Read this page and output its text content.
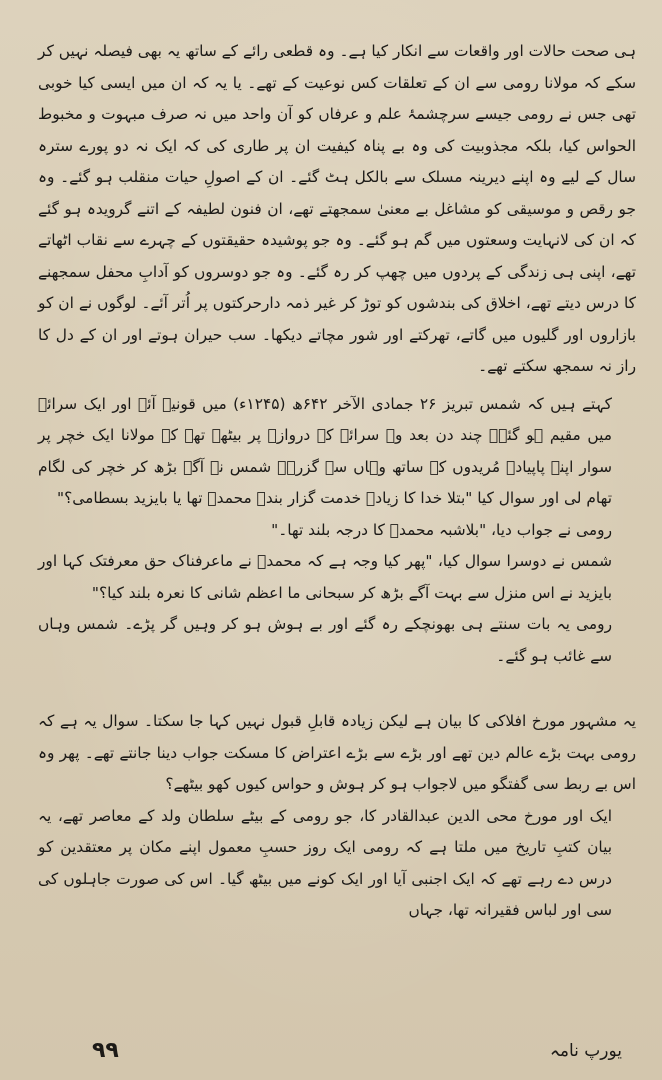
ہی صحت حالات اور واقعات سے انکار کیا ہے۔ وہ قطعی رائے کے ساتھ یہ بھی فیصلہ نہیں کر سکے کہ مولانا رومی سے ان کے تعلقات کس نوعیت کے تھے۔ یا یہ کہ ان میں ایسی کیا خوبی تھی جس نے رومی جیسے سرچشمۂ علم و عرفاں کو آن واحد میں نہ صرف مبہوت و مخبوط الحواس کیا، بلکہ مجذوبیت کی وہ بے پناہ کیفیت ان پر طاری کی کہ ایک نہ دو پورے سترہ سال کے لیے وہ اپنے دیرینہ مسلک سے بالکل ہٹ گئے۔ ان کے اصولِ حیات منقلب ہو گئے۔ وہ جو رقص و موسیقی کو مشاغل بے معنیٰ سمجھتے تھے، ان فنون لطیفہ کے اتنے گرویدہ ہو گئے کہ ان کی لانہایت وسعتوں میں گم ہو گئے۔ وہ جو پوشیدہ حقیقتوں کے چہرے سے نقاب اٹھاتے تھے، اپنی ہی زندگی کے پردوں میں چھپ کر رہ گئے۔ وہ جو دوسروں کو آدابِ محفل سمجھنے کا درس دیتے تھے، اخلاق کی بندشوں کو توڑ کر غیر ذمہ دارحرکتوں پر اُتر آئے۔ لوگوں نے ان کو بازاروں اور گلیوں میں گاتے، تھرکتے اور شور مچاتے دیکھا۔ سب حیران ہوتے اور ان کے دل کا راز نہ سمجھ سکتے تھے۔

کہتے ہیں کہ شمس تبریز ۲۶ جمادی الآخر ۶۴۲ھ (۱۲۴۵ء) میں قونیہ آئے اور ایک سرائے میں مقیم ہو گئے۔ چند دن بعد وہ سرائے کے دروازے پر بیٹھے تھے کہ مولانا ایک خچر پر سوار اپنے پاپیادہ مُریدوں کے ساتھ وہاں سے گزرے۔ شمس نے آگے بڑھ کر خچر کی لگام تھام لی اور سوال کیا "بتلا خدا کا زیادہ خدمت گزار بندہ محمدؐ تھا یا بایزید بسطامی؟"

رومی نے جواب دیا، "بلاشبہ محمدؐ کا درجہ بلند تھا۔"

شمس نے دوسرا سوال کیا، "پھر کیا وجہ ہے کہ محمدؐ نے ماعرفناک حق معرفتک کہا اور بایزید نے اس منزل سے بہت آگے بڑھ کر سبحانی ما اعظم شانی کا نعرہ بلند کیا؟"

رومی یہ بات سنتے ہی بھونچکے رہ گئے اور بے ہوش ہو کر وہیں گر پڑے۔ شمس وہاں سے غائب ہو گئے۔

یہ مشہور مورخ افلاکی کا بیان ہے لیکن زیادہ قابلِ قبول نہیں کہا جا سکتا۔ سوال یہ ہے کہ رومی بہت بڑے عالم دین تھے اور بڑے سے بڑے اعتراض کا مسکت جواب دینا جانتے تھے۔ پھر وہ اس بے ربط سی گفتگو میں لاجواب ہو کر ہوش و حواس کیوں کھو بیٹھے؟

ایک اور مورخ محی الدین عبدالقادر کا، جو رومی کے بیٹے سلطان ولد کے معاصر تھے، یہ بیان کتبِ تاریخ میں ملتا ہے کہ رومی ایک روز حسبِ معمول اپنے مکان پر معتقدین کو درس دے رہے تھے کہ ایک اجنبی آیا اور ایک کونے میں بیٹھ گیا۔ اس کی صورت جاہلوں کی سی اور لباس فقیرانہ تھا، جہاں

۹۹	یورپ نامہ
